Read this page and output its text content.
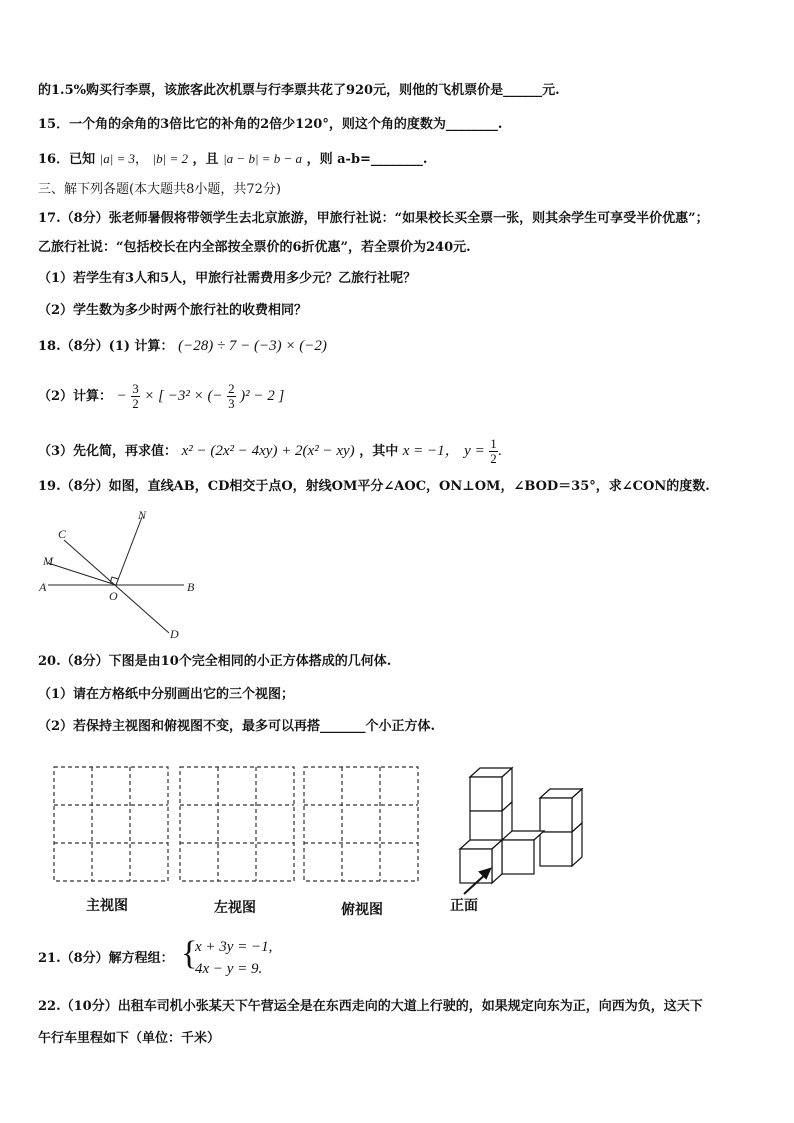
的1.5%购买行李票，该旅客此次机票与行李票共花了920元，则他的飞机票价是______元.
15．一个角的余角的3倍比它的补角的2倍少120°，则这个角的度数为________.
16．已知 |a| = 3， |b| = 2 ，且 |a − b| = b − a ，则 a-b=________.
三、解下列各题(本大题共8小题，共72分)
17.（8分）张老师暑假将带领学生去北京旅游，甲旅行社说：“如果校长买全票一张，则其余学生可享受半价优惠”；
乙旅行社说：“包括校长在内全部按全票价的6折优惠”，若全票价为240元.
（1）若学生有3人和5人，甲旅行社需费用多少元？乙旅行社呢？
（2）学生数为多少时两个旅行社的收费相同？
18.（8分）(1) 计算： (−28) ÷ 7 − (−3) × (−2)
（2）计算： − $\frac{3}{2}$ × [ −3² × (− $\frac{2}{3} )^2 - 2$ ]
（3）先化简，再求值： x² − (2x² − 4xy) + 2(x² − xy) ，其中 x = −1， $y = \frac{1}{2}$ .
19.（8分）如图，直线AB，CD相交于点O，射线OM平分∠AOC，ON⊥OM，∠BOD＝35°，求∠CON的度数.
C
N
M
A
O
B
D
20.（8分）下图是由10个完全相同的小正方体搭成的几何体.
（1）请在方格纸中分别画出它的三个视图；
（2）若保持主视图和俯视图不变，最多可以再搭_______个小正方体.
主视图	左视图	俯视图	正面
21.（8分）解方程组： {
x + 3y = −1,
4x − y = 9.
22.（10分）出租车司机小张某天下午营运全是在东西走向的大道上行驶的，如果规定向东为正，向西为负，这天下
午行车里程如下（单位：千米）
